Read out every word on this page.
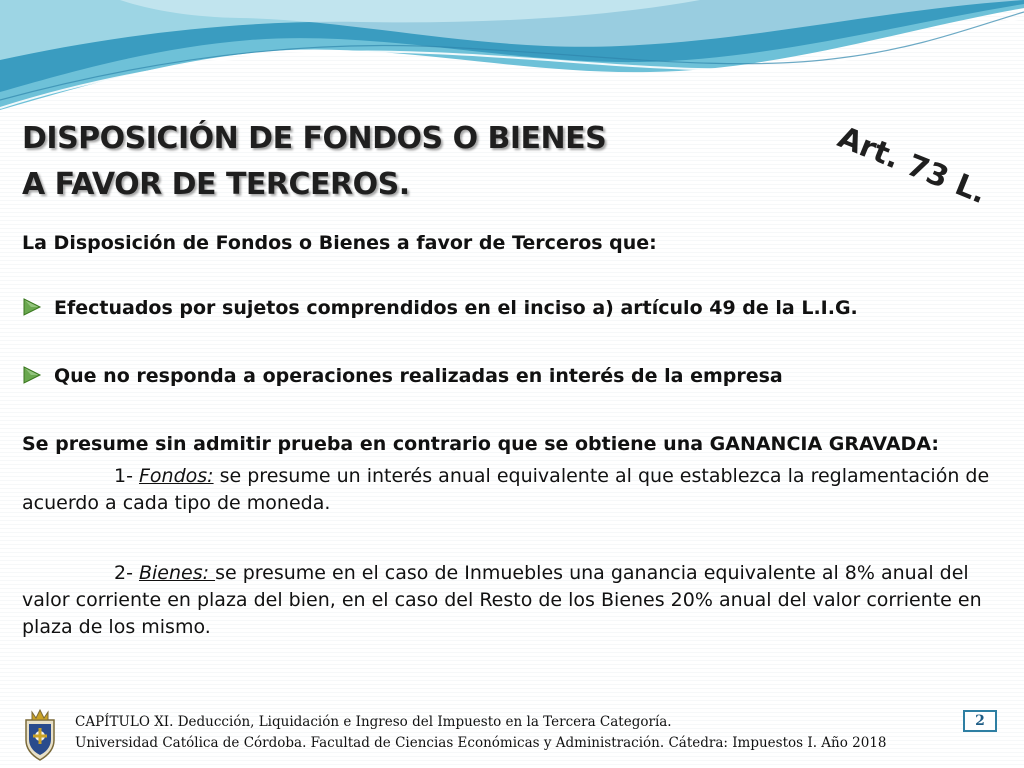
DISPOSICIÓN DE FONDOS O BIENES
A FAVOR DE TERCEROS.	Art. 73 L.
La Disposición de Fondos o Bienes a favor de Terceros que:
Efectuados por sujetos comprendidos en el inciso a) artículo 49 de la L.I.G.
Que no responda a operaciones realizadas en interés de la empresa
Se presume sin admitir prueba en contrario que se obtiene una GANANCIA GRAVADA:
1- Fondos: se presume un interés anual equivalente al que establezca la reglamentación de acuerdo a cada tipo de moneda.
2- Bienes: se presume en el caso de Inmuebles una ganancia equivalente al 8% anual del valor corriente en plaza del bien, en el caso del Resto de los Bienes 20% anual del valor corriente en plaza de los mismo.
CAPÍTULO XI. Deducción, Liquidación e Ingreso del Impuesto en la Tercera Categoría.
Universidad Católica de Córdoba. Facultad de Ciencias Económicas y Administración. Cátedra: Impuestos I. Año 2018
2
